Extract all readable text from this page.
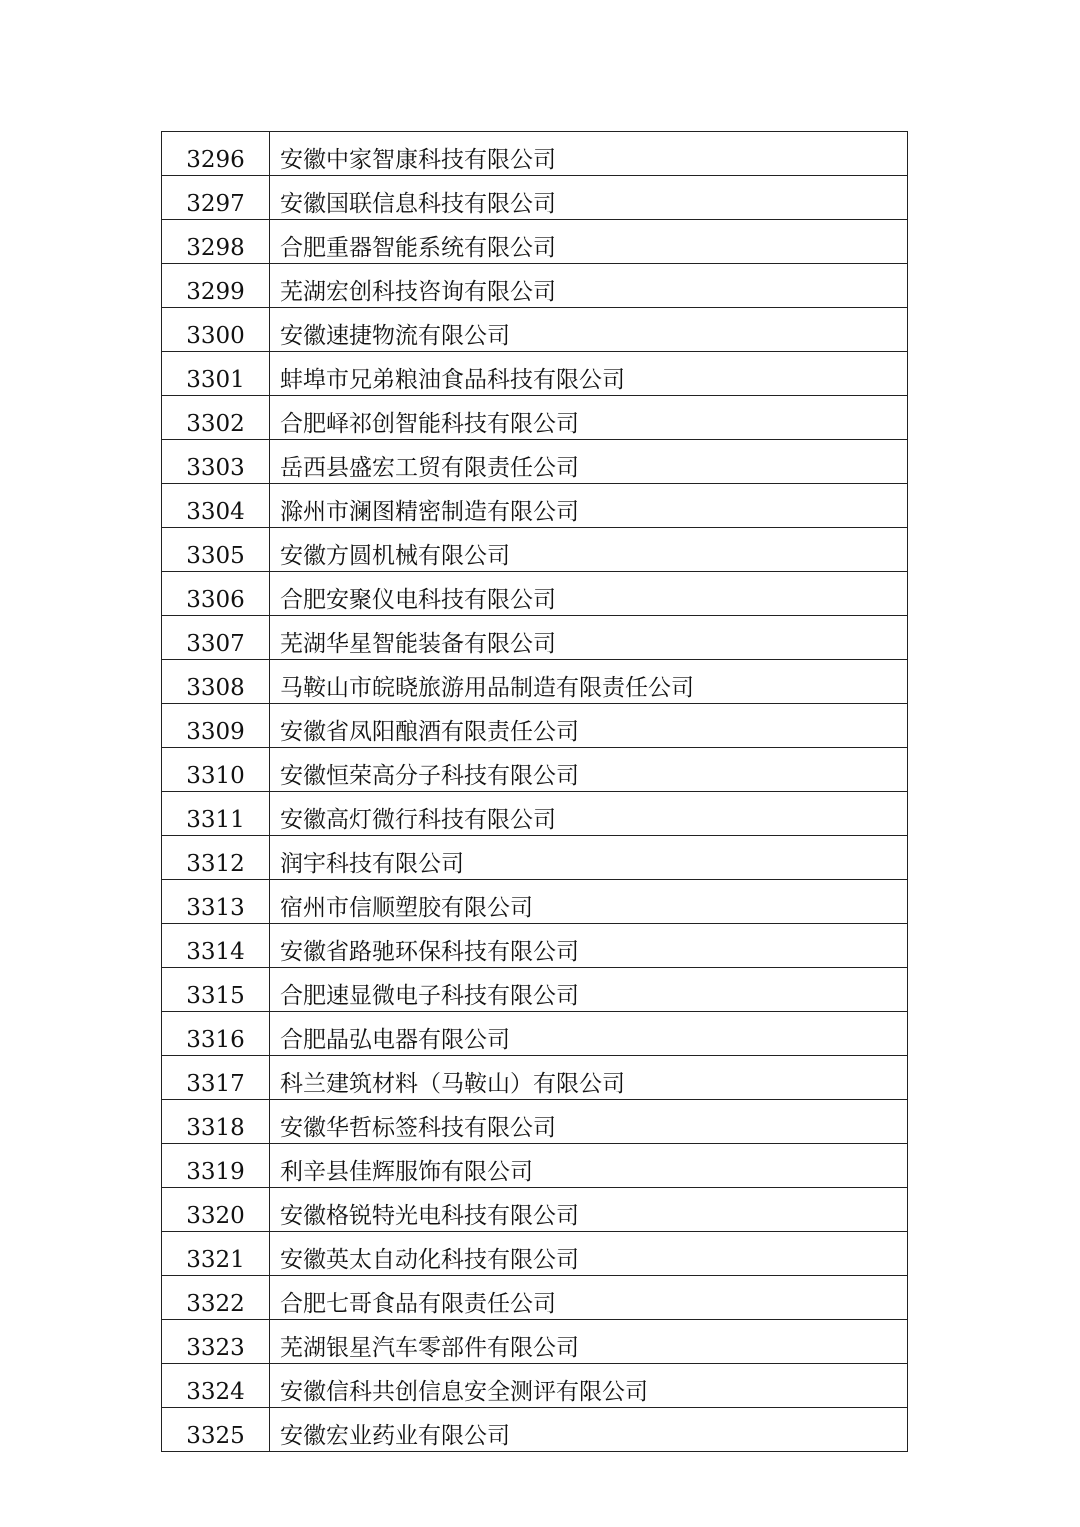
3296	安徽中家智康科技有限公司
3297	安徽国联信息科技有限公司
3298	合肥重器智能系统有限公司
3299	芜湖宏创科技咨询有限公司
3300	安徽速捷物流有限公司
3301	蚌埠市兄弟粮油食品科技有限公司
3302	合肥峄祁创智能科技有限公司
3303	岳西县盛宏工贸有限责任公司
3304	滁州市澜图精密制造有限公司
3305	安徽方圆机械有限公司
3306	合肥安聚仪电科技有限公司
3307	芜湖华星智能装备有限公司
3308	马鞍山市皖晓旅游用品制造有限责任公司
3309	安徽省凤阳酿酒有限责任公司
3310	安徽恒荣高分子科技有限公司
3311	安徽高灯微行科技有限公司
3312	润宇科技有限公司
3313	宿州市信顺塑胶有限公司
3314	安徽省路驰环保科技有限公司
3315	合肥速显微电子科技有限公司
3316	合肥晶弘电器有限公司
3317	科兰建筑材料（马鞍山）有限公司
3318	安徽华哲标签科技有限公司
3319	利辛县佳辉服饰有限公司
3320	安徽格锐特光电科技有限公司
3321	安徽英太自动化科技有限公司
3322	合肥七哥食品有限责任公司
3323	芜湖银星汽车零部件有限公司
3324	安徽信科共创信息安全测评有限公司
3325	安徽宏业药业有限公司
